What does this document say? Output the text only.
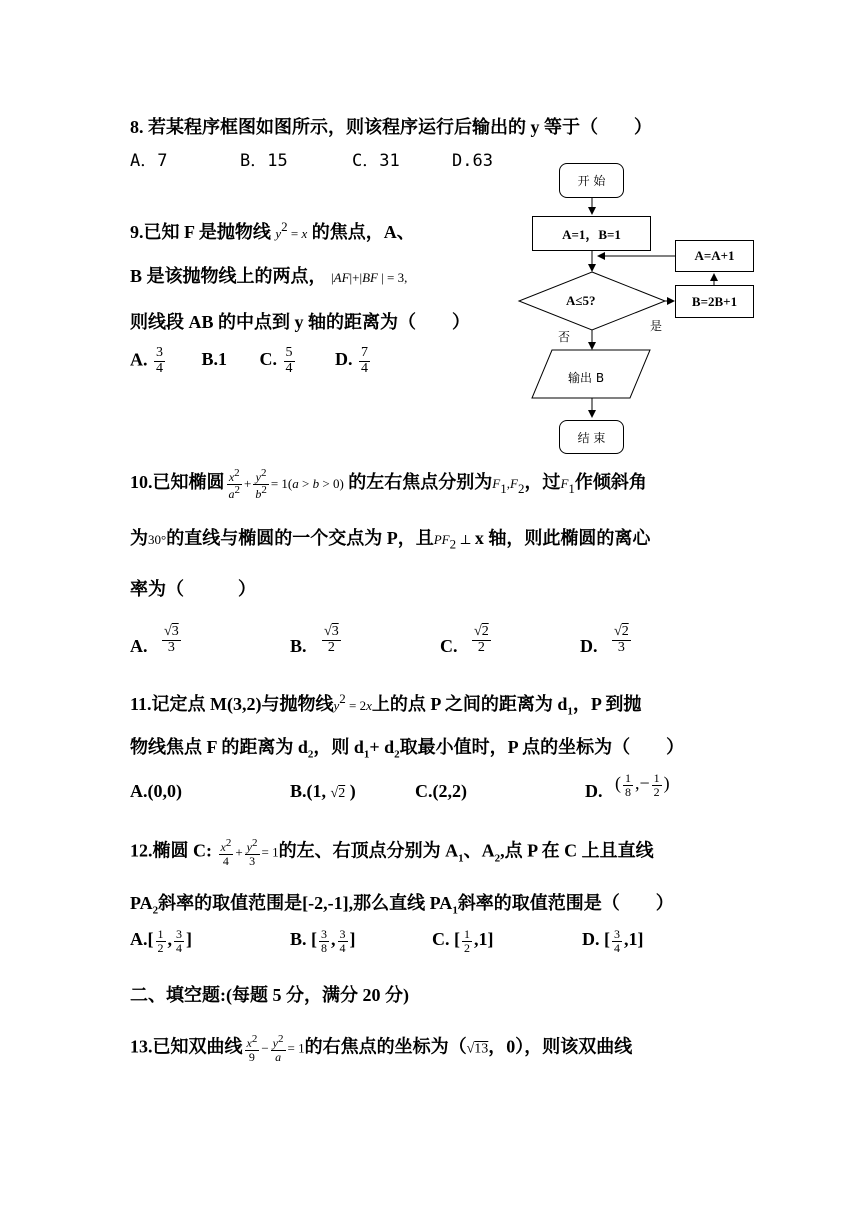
8. 若某程序框图如图所示，则该程序运行后输出的 y 等于（　　）
A．7	B．15	C．31	D.63
开 始
A=1，B=1
A≤5?
A=A+1
B=2B+1
否
是
输出 B
结 束
9.已知 F 是抛物线 $y^2 = x$ 的焦点，A、
B 是该抛物线上的两点， |AF|+|BF | = 3,
则线段 AB 的中点到 y 轴的距离为（　　）
A. $\frac{3}{4} B.1$ C. $\frac{5}{4} D$. $\frac{7}{4}$
10.已知椭圆 $\frac{x^2}{a^2} + \frac{y^2}{b^2} = 1(a > b > 0)$ 的左右焦点分别为$F_1,F_2$，过$F_1$作倾斜角
为30°的直线与椭圆的一个交点为 P，且$PF_2$ ⊥ x 轴，则此椭圆的离心
率为（　　　）
A.
√3
3	B.
√3
2	C.
√2
2	D.
√2
3
11.记定点 M(3,2)与抛物线$y^2 = 2x$上的点 P 之间的距离为 $d_1$，P 到抛
物线焦点 F 的距离为 $d_2$，则 $d_1+ d_2$取最小值时，P 点的坐标为（　　）
A.(0,0)	B.(1, √2 )	C.(2,2)	D. ( $\frac{1}{8}$ ,− $\frac{1}{2}$ )
12.椭圆 C: $\frac{x^2}{4} + \frac{y^2}{3} = 1$的左、右顶点分别为 $A_1$、$A_2$,点 P 在 C 上且直线
$PA_2$斜率的取值范围是[-2,-1],那么直线 $PA_1$斜率的取值范围是（　　）
$A.[ \frac{1}{2}$ , $\frac{3}{4}$ ]	B. [ $\frac{3}{8}$ , $\frac{3}{4}$ ]	C. [ $\frac{1}{2} ,1$]	D. [ $\frac{3}{4} ,1$]
二、填空题:(每题 5 分，满分 20 分)
13.已知双曲线 $\frac{x^2}{9} - \frac{y^2}{a} = 1$的右焦点的坐标为（√13，0），则该双曲线
